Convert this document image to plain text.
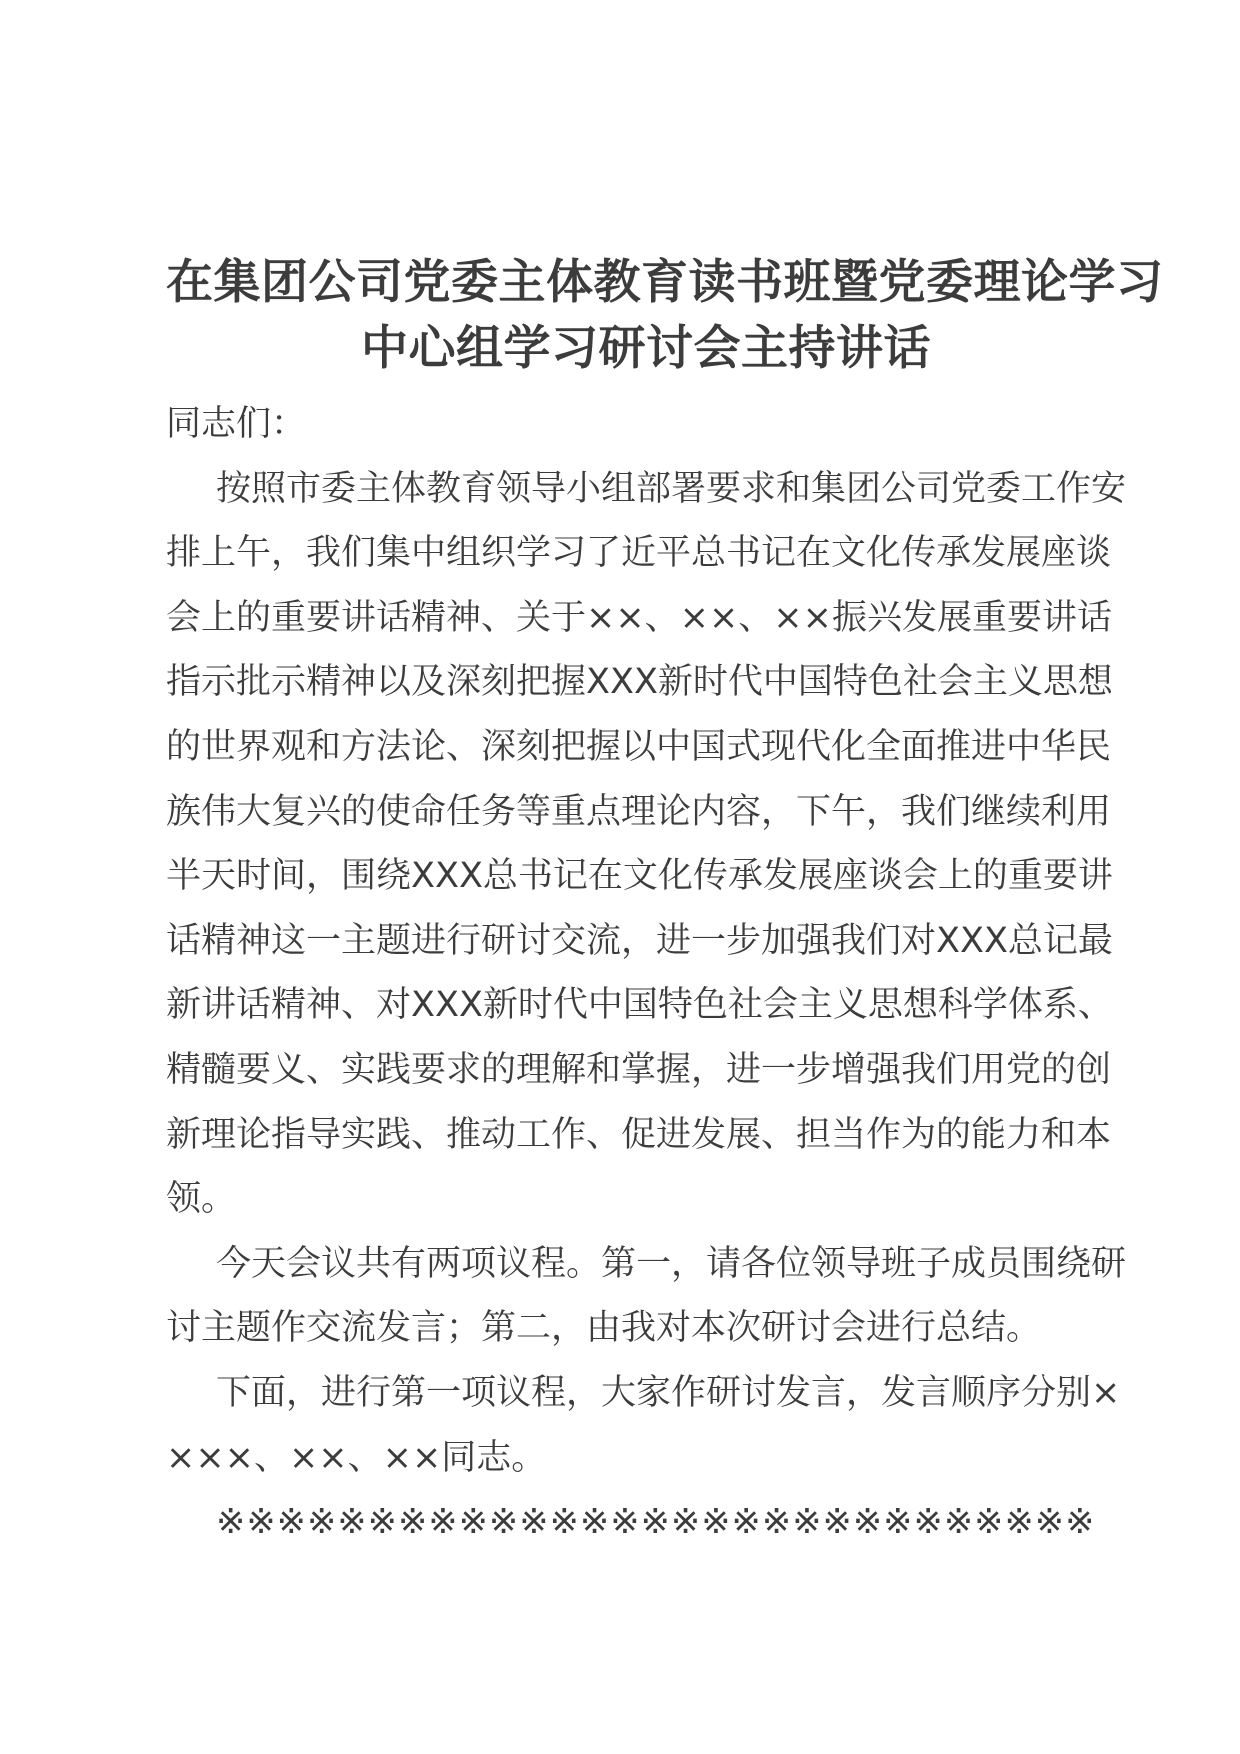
在集团公司党委主体教育读书班暨党委理论学习
中心组学习研讨会主持讲话

同志们：

按照市委主体教育领导小组部署要求和集团公司党委工作安排上午，我们集中组织学习了近平总书记在文化传承发展座谈会上的重要讲话精神、关于××、××、××振兴发展重要讲话指示批示精神以及深刻把握XXX新时代中国特色社会主义思想的世界观和方法论、深刻把握以中国式现代化全面推进中华民族伟大复兴的使命任务等重点理论内容，下午，我们继续利用半天时间，围绕XXX总书记在文化传承发展座谈会上的重要讲话精神这一主题进行研讨交流，进一步加强我们对XXX总记最新讲话精神、对XXX新时代中国特色社会主义思想科学体系、精髓要义、实践要求的理解和掌握，进一步增强我们用党的创新理论指导实践、推动工作、促进发展、担当作为的能力和本领。

今天会议共有两项议程。第一，请各位领导班子成员围绕研讨主题作交流发言；第二，由我对本次研讨会进行总结。

下面，进行第一项议程，大家作研讨发言，发言顺序分别××××、××、××同志。

※※※※※※※※※※※※※※※※※※※※※※※※※※※※※
